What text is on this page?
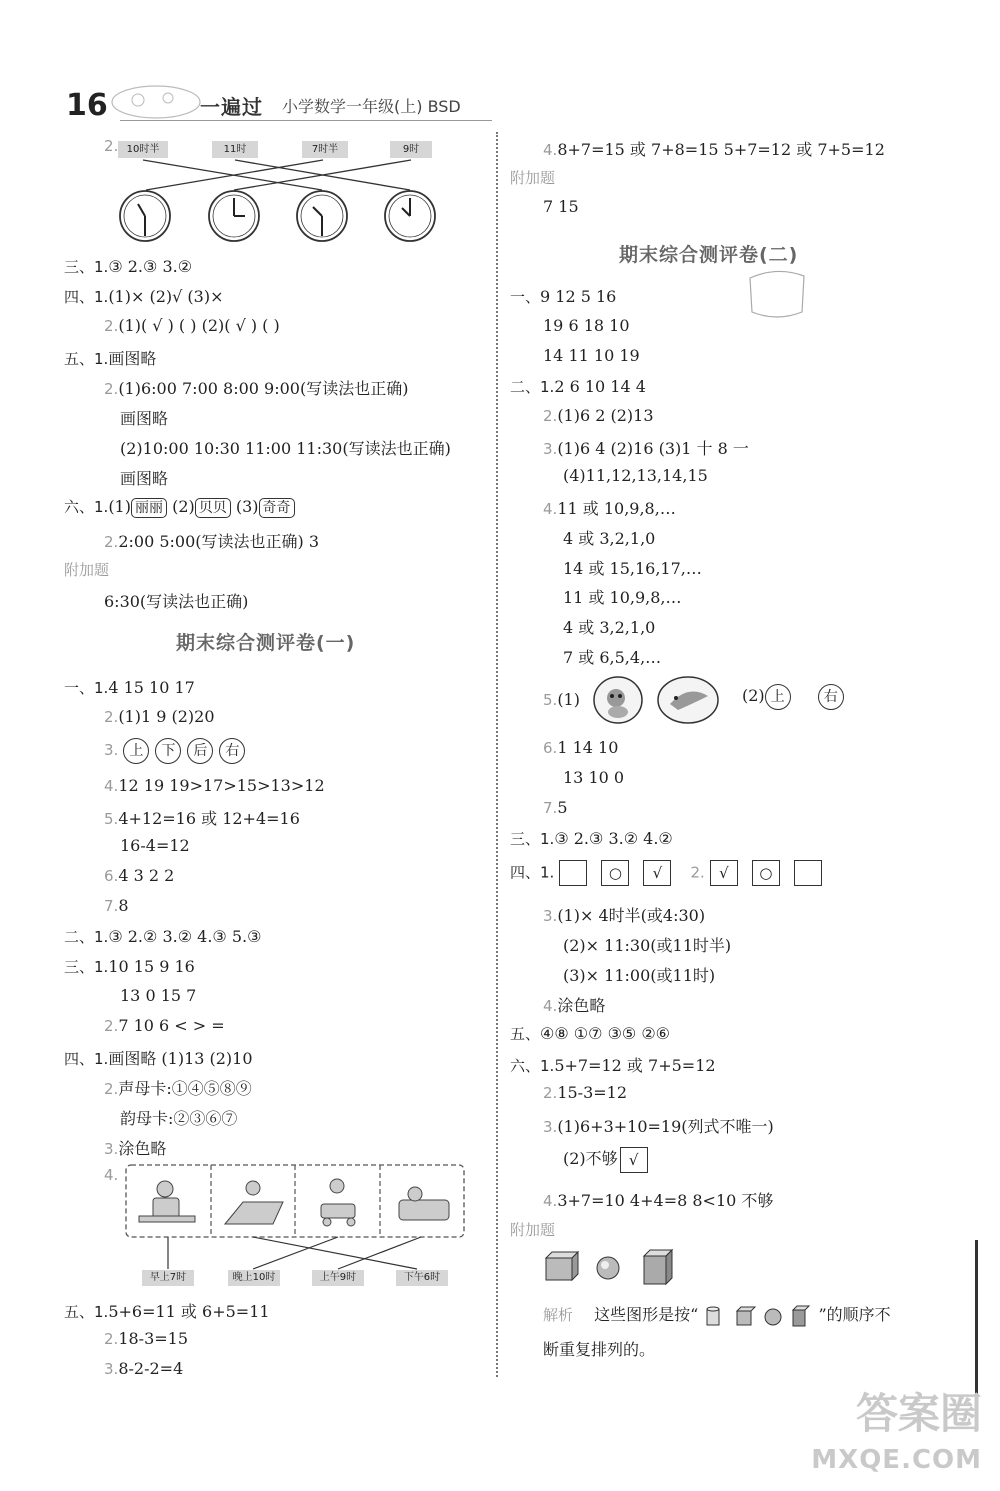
16	一遍过 小学数学一年级(上) BSD
2. 10时半	11时	7时半	9时
三、1.③ 2.③ 3.②
四、1.(1)× (2)√ (3)×
2.(1)( √ ) ( ) (2)( √ ) ( )
五、1.画图略
2.(1)6:00 7:00 8:00 9:00(写读法也正确)
画图略
(2)10:00 10:30 11:00 11:30(写读法也正确)
画图略
六、1.(1) 丽丽 (2) 贝贝 (3) 奇奇
2.2:00 5:00(写读法也正确) 3
附加题
6:30(写读法也正确)
期末综合测评卷(一)
一、1.4 15 10 17
2.(1)1 9 (2)20
3. 上 下 后 右
4.12 19 19>17>15>13>12
5.4+12=16 或 12+4=16
16-4=12
6.4 3 2 2
7.8
二、1.③ 2.② 3.② 4.③ 5.③
三、1.10 15 9 16
13 0 15 7
2.7 10 6 < > =
四、1.画图略 (1)13 (2)10
2.声母卡:①④⑤⑧⑨
韵母卡:②③⑥⑦
3.涂色略
4.
早上7时	晚上10时	上午9时	下午6时
五、1.5+6=11 或 6+5=11
2.18-3=15
3.8-2-2=4
4.8+7=15 或 7+8=15 5+7=12 或 7+5=12
附加题
7 15
期末综合测评卷(二)
一、9 12 5 16
19 6 18 10
14 11 10 19
二、1.2 6 10 14 4
2.(1)6 2 (2)13
3.(1)6 4 (2)16 (3)1 十 8 一
(4)11,12,13,14,15
4.11 或 10,9,8,…
4 或 3,2,1,0
14 或 15,16,17,…
11 或 10,9,8,…
4 或 3,2,1,0
7 或 6,5,4,…
5.(1)	(2) 上	右
6.1 14 10
13 10 0
7.5
三、1.③ 2.③ 3.② 4.②
四、1.	○ √ 2. √ ○
3.(1)× 4时半(或4:30)
(2)× 11:30(或11时半)
(3)× 11:00(或11时)
4.涂色略
五、④⑧ ①⑦ ③⑤ ②⑥
六、1.5+7=12 或 7+5=12
2.15-3=12
3.(1)6+3+10=19(列式不唯一)
(2)不够 √
4.3+7=10 4+4=8 8<10 不够
附加题
解析 这些图形是按“	”的顺序不
断重复排列的。
答案圈
MXQE.COM
